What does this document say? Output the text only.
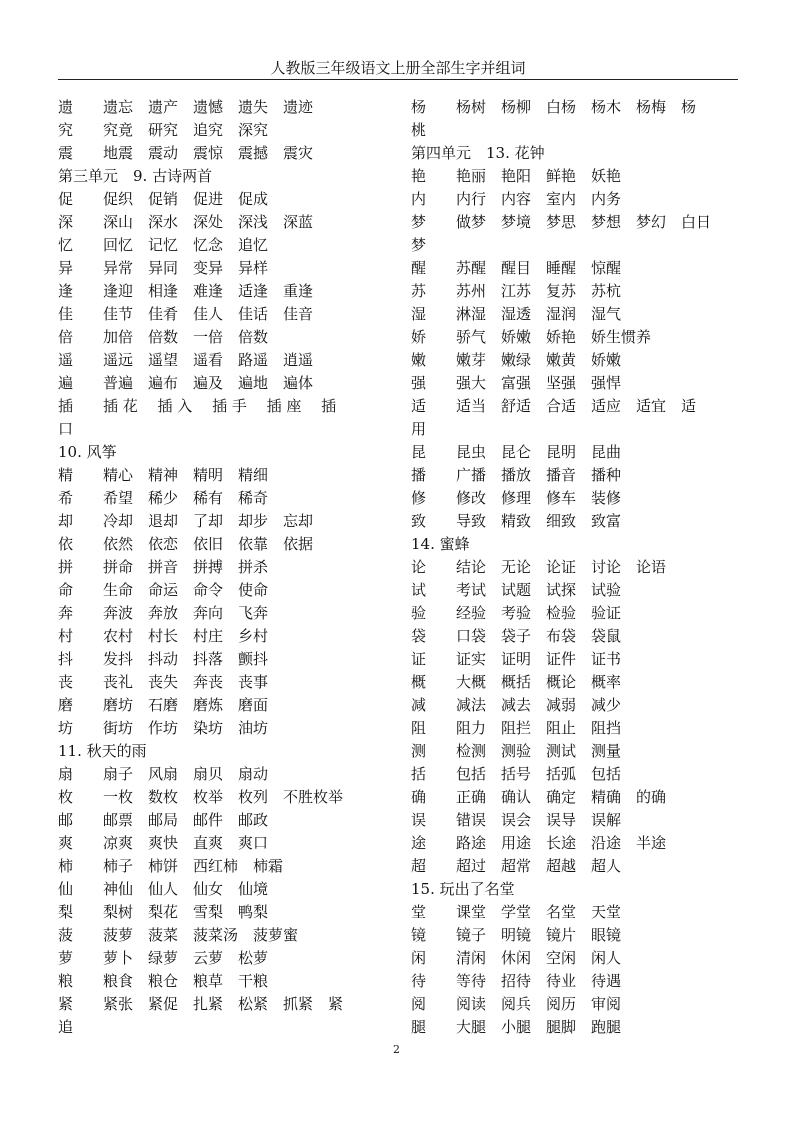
人教版三年级语文上册全部生字并组词
遗　　遗忘　遗产　遗憾　遗失　遗迹
究　　究竟　研究　追究　深究
震　　地震　震动　震惊　震撼　震灾
第三单元　9. 古诗两首
促　　促织　促销　促进　促成
深　　深山　深水　深处　深浅　深蓝
忆　　回忆　记忆　忆念　追忆
异　　异常　异同　变异　异样
逢　　逢迎　相逢　难逢　适逢　重逢
佳　　佳节　佳肴　佳人　佳话　佳音
倍　　加倍　倍数　一倍　倍数
遥　　遥远　遥望　遥看　路遥　逍遥
遍　　普遍　遍布　遍及　遍地　遍体
插　　插 花　 插 入　 插 手　 插 座　 插
口
10. 风筝
精　　精心　精神　精明　精细
希　　希望　稀少　稀有　稀奇
却　　冷却　退却　了却　却步　忘却
依　　依然　依恋　依旧　依靠　依据
拼　　拼命　拼音　拼搏　拼杀
命　　生命　命运　命令　使命
奔　　奔波　奔放　奔向　飞奔
村　　农村　村长　村庄　乡村
抖　　发抖　抖动　抖落　颤抖
丧　　丧礼　丧失　奔丧　丧事
磨　　磨坊　石磨　磨炼　磨面
坊　　街坊　作坊　染坊　油坊
11. 秋天的雨
扇　　扇子　风扇　扇贝　扇动
枚　　一枚　数枚　枚举　枚列　不胜枚举
邮　　邮票　邮局　邮件　邮政
爽　　凉爽　爽快　直爽　爽口
柿　　柿子　柿饼　西红柿　柿霜
仙　　神仙　仙人　仙女　仙境
梨　　梨树　梨花　雪梨　鸭梨
菠　　菠萝　菠菜　菠菜汤　菠萝蜜
萝　　萝卜　绿萝　云萝　松萝
粮　　粮食　粮仓　粮草　干粮
紧　　紧张　紧促　扎紧　松紧　抓紧　紧
追
杨　　杨树　杨柳　白杨　杨木　杨梅　杨
桃
第四单元　13. 花钟
艳　　艳丽　艳阳　鲜艳　妖艳
内　　内行　内容　室内　内务
梦　　做梦　梦境　梦思　梦想　梦幻　白日
梦
醒　　苏醒　醒目　睡醒　惊醒
苏　　苏州　江苏　复苏　苏杭
湿　　淋湿　湿透　湿润　湿气
娇　　骄气　娇嫩　娇艳　娇生惯养
嫩　　嫩芽　嫩绿　嫩黄　娇嫩
强　　强大　富强　坚强　强悍
适　　适当　舒适　合适　适应　适宜　适
用
昆　　昆虫　昆仑　昆明　昆曲
播　　广播　播放　播音　播种
修　　修改　修理　修车　装修
致　　导致　精致　细致　致富
14. 蜜蜂
论　　结论　无论　论证　讨论　论语
试　　考试　试题　试探　试验
验　　经验　考验　检验　验证
袋　　口袋　袋子　布袋　袋鼠
证　　证实　证明　证件　证书
概　　大概　概括　概论　概率
减　　减法　减去　减弱　减少
阻　　阻力　阻拦　阻止　阻挡
测　　检测　测验　测试　测量
括　　包括　括号　括弧　包括
确　　正确　确认　确定　精确　的确
误　　错误　误会　误导　误解
途　　路途　用途　长途　沿途　半途
超　　超过　超常　超越　超人
15. 玩出了名堂
堂　　课堂　学堂　名堂　天堂
镜　　镜子　明镜　镜片　眼镜
闲　　清闲　休闲　空闲　闲人
待　　等待　招待　待业　待遇
阅　　阅读　阅兵　阅历　审阅
腿　　大腿　小腿　腿脚　跑腿
2
